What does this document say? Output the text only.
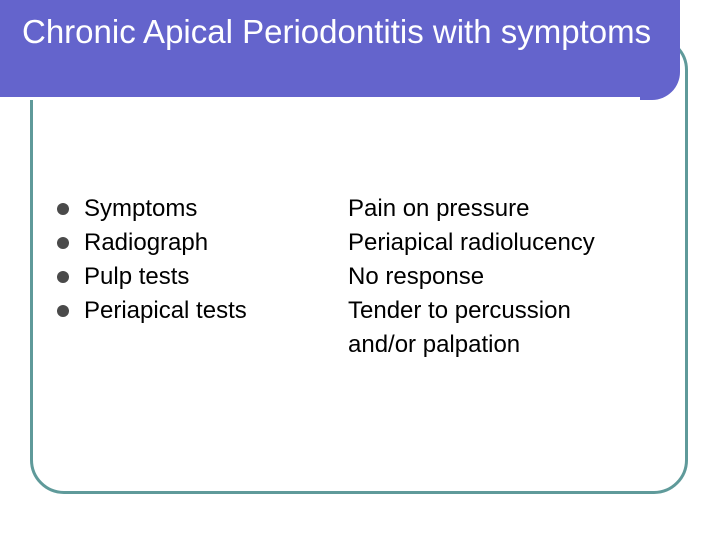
Chronic Apical Periodontitis with symptoms
Symptoms	Pain on pressure
Radiograph	Periapical radiolucency
Pulp tests	No response
Periapical tests	Tender to percussion
and/or palpation
